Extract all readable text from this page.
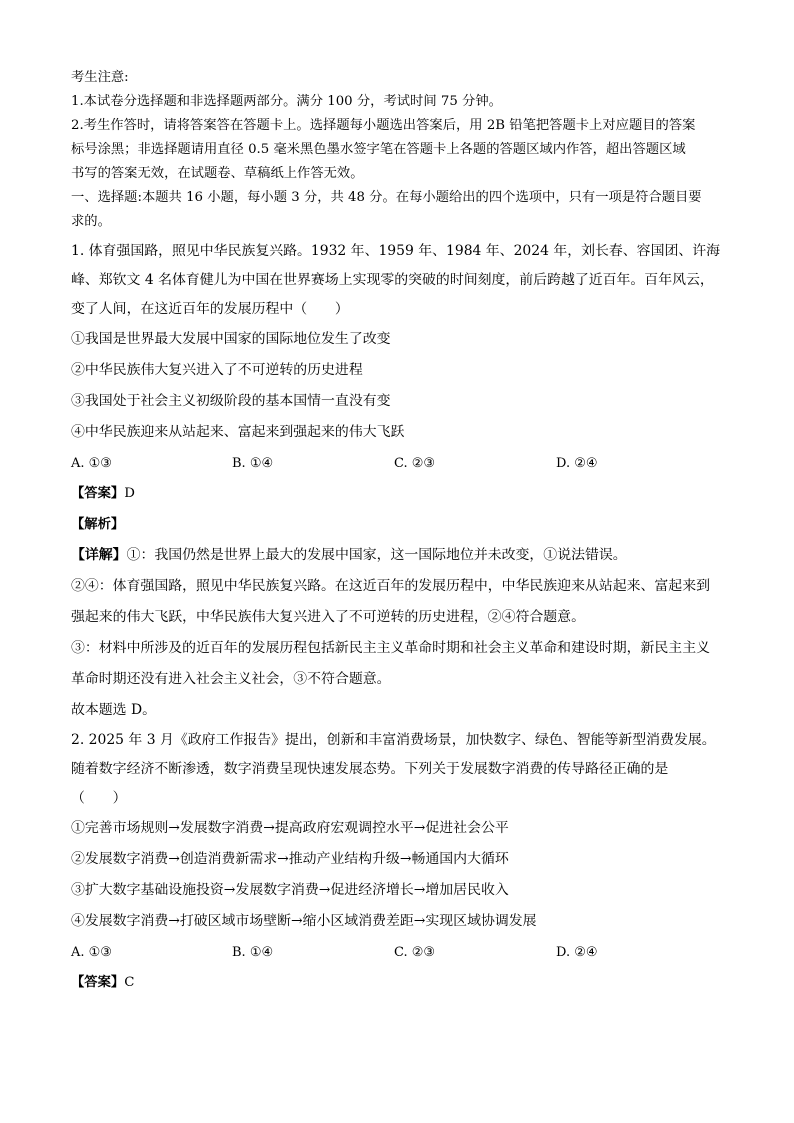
考生注意:

1.本试卷分选择题和非选择题两部分。满分 100 分，考试时间 75 分钟。

2.考生作答时，请将答案答在答题卡上。选择题每小题选出答案后，用 2B 铅笔把答题卡上对应题目的答案

标号涂黑；非选择题请用直径 0.5 毫米黑色墨水签字笔在答题卡上各题的答题区域内作答，超出答题区域

书写的答案无效，在试题卷、草稿纸上作答无效。

一、选择题:本题共 16 小题，每小题 3 分，共 48 分。在每小题给出的四个选项中，只有一项是符合题目要

求的。

1. 体育强国路，照见中华民族复兴路。1932 年、1959 年、1984 年、2024 年，刘长春、容国团、许海

峰、郑钦文 4 名体育健儿为中国在世界赛场上实现零的突破的时间刻度，前后跨越了近百年。百年风云，

变了人间，在这近百年的发展历程中（　　）

①我国是世界最大发展中国家的国际地位发生了改变

②中华民族伟大复兴进入了不可逆转的历史进程

③我国处于社会主义初级阶段的基本国情一直没有变

④中华民族迎来从站起来、富起来到强起来的伟大飞跃

A. ①③	B. ①④	C. ②③	D. ②④

【答案】D

【解析】

【详解】①：我国仍然是世界上最大的发展中国家，这一国际地位并未改变，①说法错误。

②④：体育强国路，照见中华民族复兴路。在这近百年的发展历程中，中华民族迎来从站起来、富起来到

强起来的伟大飞跃，中华民族伟大复兴进入了不可逆转的历史进程，②④符合题意。

③：材料中所涉及的近百年的发展历程包括新民主主义革命时期和社会主义革命和建设时期，新民主主义

革命时期还没有进入社会主义社会，③不符合题意。

故本题选 D。

2. 2025 年 3 月《政府工作报告》提出，创新和丰富消费场景，加快数字、绿色、智能等新型消费发展。

随着数字经济不断渗透，数字消费呈现快速发展态势。下列关于发展数字消费的传导路径正确的是

（　　）

①完善市场规则→发展数字消费→提高政府宏观调控水平→促进社会公平

②发展数字消费→创造消费新需求→推动产业结构升级→畅通国内大循环

③扩大数字基础设施投资→发展数字消费→促进经济增长→增加居民收入

④发展数字消费→打破区域市场壁断→缩小区域消费差距→实现区域协调发展

A. ①③	B. ①④	C. ②③	D. ②④

【答案】C
